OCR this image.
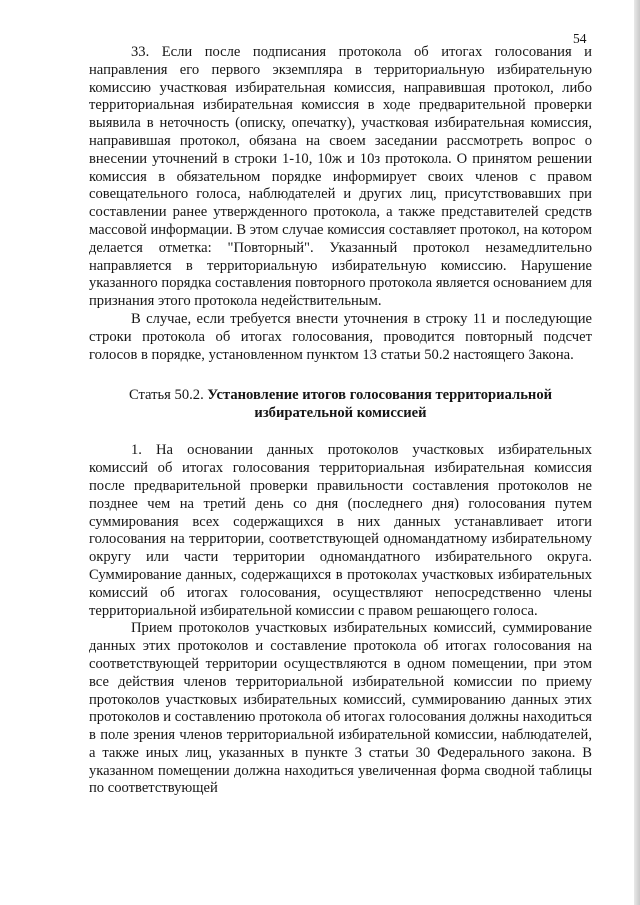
54

33. Если после подписания протокола об итогах голосования и направления его первого экземпляра в территориальную избирательную комиссию участковая избирательная комиссия, направившая протокол, либо территориальная избирательная комиссия в ходе предварительной проверки выявила в неточность (описку, опечатку), участковая избирательная комиссия, направившая протокол, обязана на своем заседании рассмотреть вопрос о внесении уточнений в строки 1-10, 10ж и 10з протокола. О принятом решении комиссия в обязательном порядке информирует своих членов с правом совещательного голоса, наблюдателей и других лиц, присутствовавших при составлении ранее утвержденного протокола, а также представителей средств массовой информации. В этом случае комиссия составляет протокол, на котором делается отметка: "Повторный". Указанный протокол незамедлительно направляется в территориальную избирательную комиссию. Нарушение указанного порядка составления повторного протокола является основанием для признания этого протокола недействительным.

В случае, если требуется внести уточнения в строку 11 и последующие строки протокола об итогах голосования, проводится повторный подсчет голосов в порядке, установленном пунктом 13 статьи 50.2 настоящего Закона.

Статья 50.2. Установление итогов голосования территориальной избирательной комиссией

1. На основании данных протоколов участковых избирательных комиссий об итогах голосования территориальная избирательная комиссия после предварительной проверки правильности составления протоколов не позднее чем на третий день со дня (последнего дня) голосования путем суммирования всех содержащихся в них данных устанавливает итоги голосования на территории, соответствующей одномандатному избирательному округу или части территории одномандатного избирательного округа. Суммирование данных, содержащихся в протоколах участковых избирательных комиссий об итогах голосования, осуществляют непосредственно члены территориальной избирательной комиссии с правом решающего голоса.

Прием протоколов участковых избирательных комиссий, суммирование данных этих протоколов и составление протокола об итогах голосования на соответствующей территории осуществляются в одном помещении, при этом все действия членов территориальной избирательной комиссии по приему протоколов участковых избирательных комиссий, суммированию данных этих протоколов и составлению протокола об итогах голосования должны находиться в поле зрения членов территориальной избирательной комиссии, наблюдателей, а также иных лиц, указанных в пункте 3 статьи 30 Федерального закона. В указанном помещении должна находиться увеличенная форма сводной таблицы по соответствующей
